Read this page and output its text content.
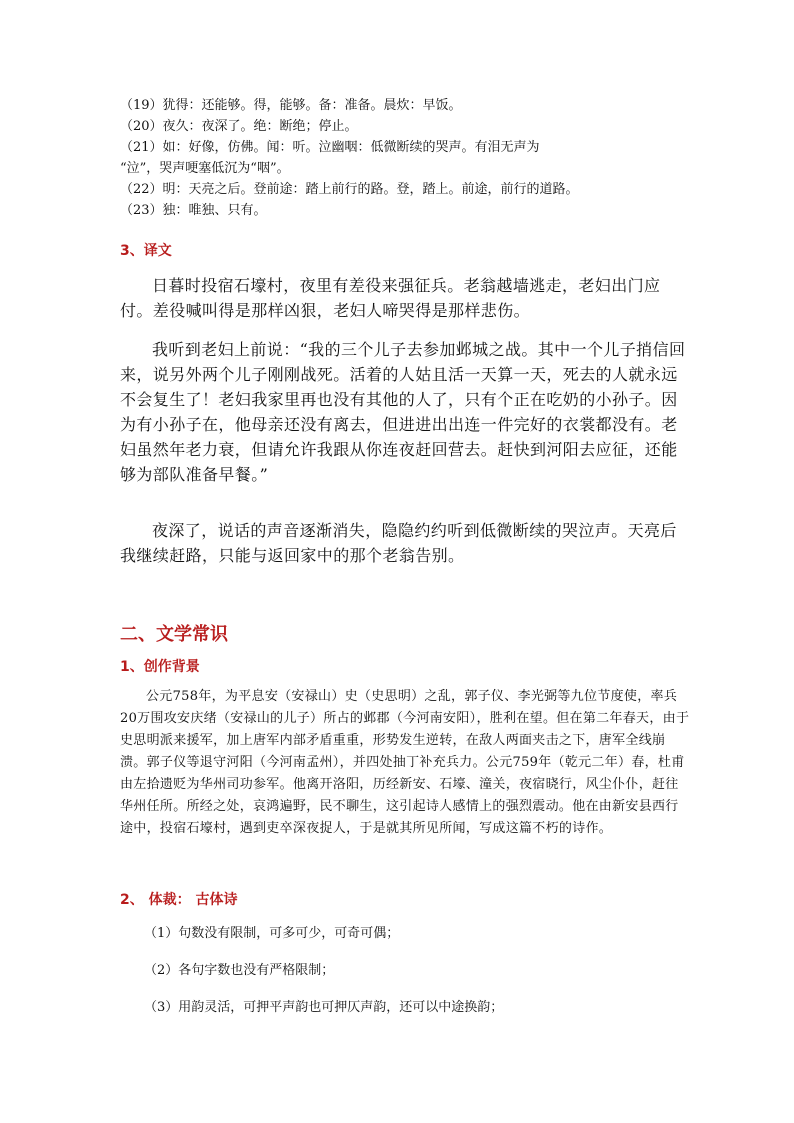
（19）犹得：还能够。得，能够。备：准备。晨炊：早饭。
（20）夜久：夜深了。绝：断绝；停止。
（21）如：好像，仿佛。闻：听。泣幽咽：低微断续的哭声。有泪无声为
“泣”，哭声哽塞低沉为“咽”。
（22）明：天亮之后。登前途：踏上前行的路。登，踏上。前途，前行的道路。
（23）独：唯独、只有。
3、译文
日暮时投宿石壕村，夜里有差役来强征兵。老翁越墙逃走，老妇出门应付。差役喊叫得是那样凶狠，老妇人啼哭得是那样悲伤。
我听到老妇上前说：“我的三个儿子去参加邺城之战。其中一个儿子捎信回来，说另外两个儿子刚刚战死。活着的人姑且活一天算一天，死去的人就永远不会复生了！老妇我家里再也没有其他的人了，只有个正在吃奶的小孙子。因为有小孙子在，他母亲还没有离去，但进进出出连一件完好的衣裳都没有。老妇虽然年老力衰，但请允许我跟从你连夜赶回营去。赶快到河阳去应征，还能够为部队准备早餐。”
夜深了，说话的声音逐渐消失，隐隐约约听到低微断续的哭泣声。天亮后我继续赶路，只能与返回家中的那个老翁告别。
二、文学常识
1、创作背景
公元758年，为平息安（安禄山）史（史思明）之乱，郭子仪、李光弼等九位节度使，率兵20万围攻安庆绪（安禄山的儿子）所占的邺郡（今河南安阳），胜利在望。但在第二年春天，由于史思明派来援军，加上唐军内部矛盾重重，形势发生逆转，在敌人两面夹击之下，唐军全线崩溃。郭子仪等退守河阳（今河南孟州），并四处抽丁补充兵力。公元759年（乾元二年）春，杜甫由左拾遗贬为华州司功参军。他离开洛阳，历经新安、石壕、潼关，夜宿晓行，风尘仆仆，赶往华州任所。所经之处，哀鸿遍野，民不聊生，这引起诗人感情上的强烈震动。他在由新安县西行途中，投宿石壕村，遇到吏卒深夜捉人，于是就其所见所闻，写成这篇不朽的诗作。
2、 体裁： 古体诗
（1）句数没有限制，可多可少，可奇可偶；
（2）各句字数也没有严格限制；
（3）用韵灵活，可押平声韵也可押仄声韵，还可以中途换韵；
